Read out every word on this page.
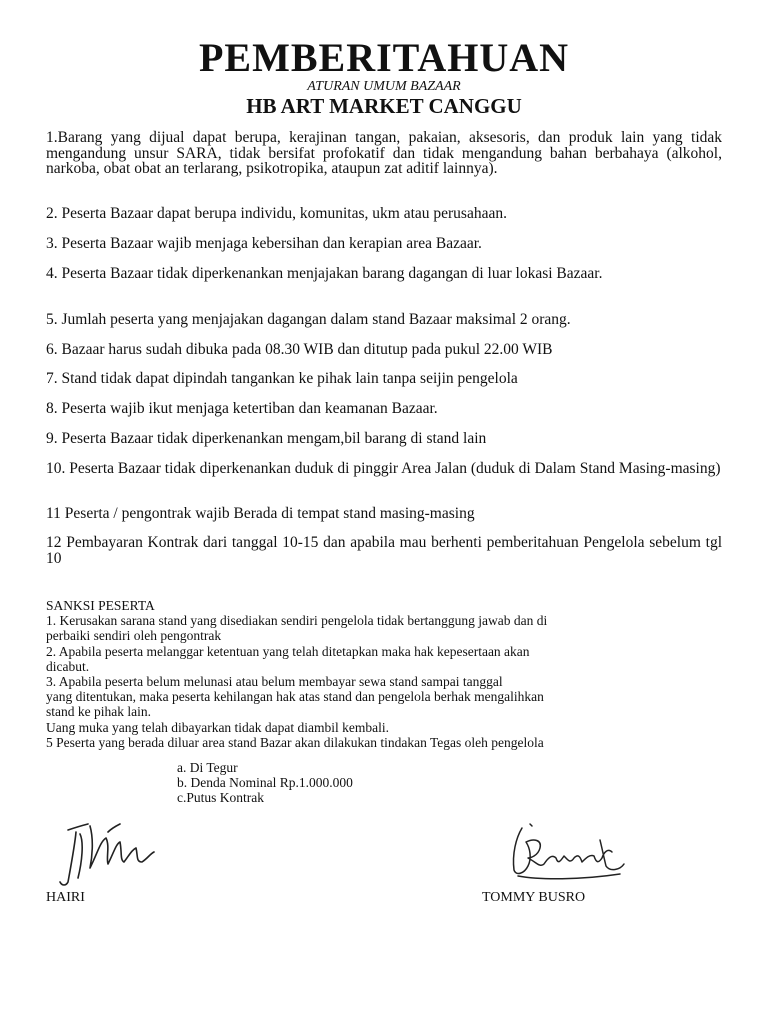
PEMBERITAHUAN
ATURAN UMUM BAZAAR
HB ART MARKET CANGGU

1.Barang yang dijual dapat berupa, kerajinan tangan, pakaian, aksesoris, dan produk lain yang tidak mengandung unsur SARA, tidak bersifat profokatif dan tidak mengandung bahan berbahaya (alkohol, narkoba, obat obat an terlarang, psikotropika, ataupun zat aditif lainnya).

2. Peserta Bazaar dapat berupa individu, komunitas, ukm atau perusahaan.

3. Peserta Bazaar wajib menjaga kebersihan dan kerapian area Bazaar.

4. Peserta Bazaar tidak diperkenankan menjajakan barang dagangan di luar lokasi Bazaar.

5. Jumlah peserta yang menjajakan dagangan dalam stand Bazaar maksimal 2 orang.

6. Bazaar harus sudah dibuka pada 08.30 WIB dan ditutup pada pukul 22.00 WIB

7. Stand tidak dapat dipindah tangankan ke pihak lain tanpa seijin pengelola

8. Peserta wajib ikut menjaga ketertiban dan keamanan Bazaar.

9. Peserta Bazaar tidak diperkenankan mengam,bil barang di stand lain

10. Peserta Bazaar tidak diperkenankan duduk di pinggir Area Jalan (duduk di Dalam Stand Masing-masing)

11 Peserta / pengontrak wajib Berada di tempat stand masing-masing

12 Pembayaran Kontrak dari tanggal 10-15 dan apabila mau berhenti pemberitahuan Pengelola sebelum tgl 10

SANKSI PESERTA
1. Kerusakan sarana stand yang disediakan sendiri pengelola tidak bertanggung jawab dan di
perbaiki sendiri oleh pengontrak
2. Apabila peserta melanggar ketentuan yang telah ditetapkan maka hak kepesertaan akan
dicabut.
3. Apabila peserta belum melunasi atau belum membayar sewa stand sampai tanggal
yang ditentukan, maka peserta kehilangan hak atas stand dan pengelola berhak mengalihkan
stand ke pihak lain.
Uang muka yang telah dibayarkan tidak dapat diambil kembali.
5 Peserta yang berada diluar area stand Bazar akan dilakukan tindakan Tegas oleh pengelola
a. Di Tegur
b. Denda Nominal Rp.1.000.000
c.Putus Kontrak
HAIRI	TOMMY BUSRO
